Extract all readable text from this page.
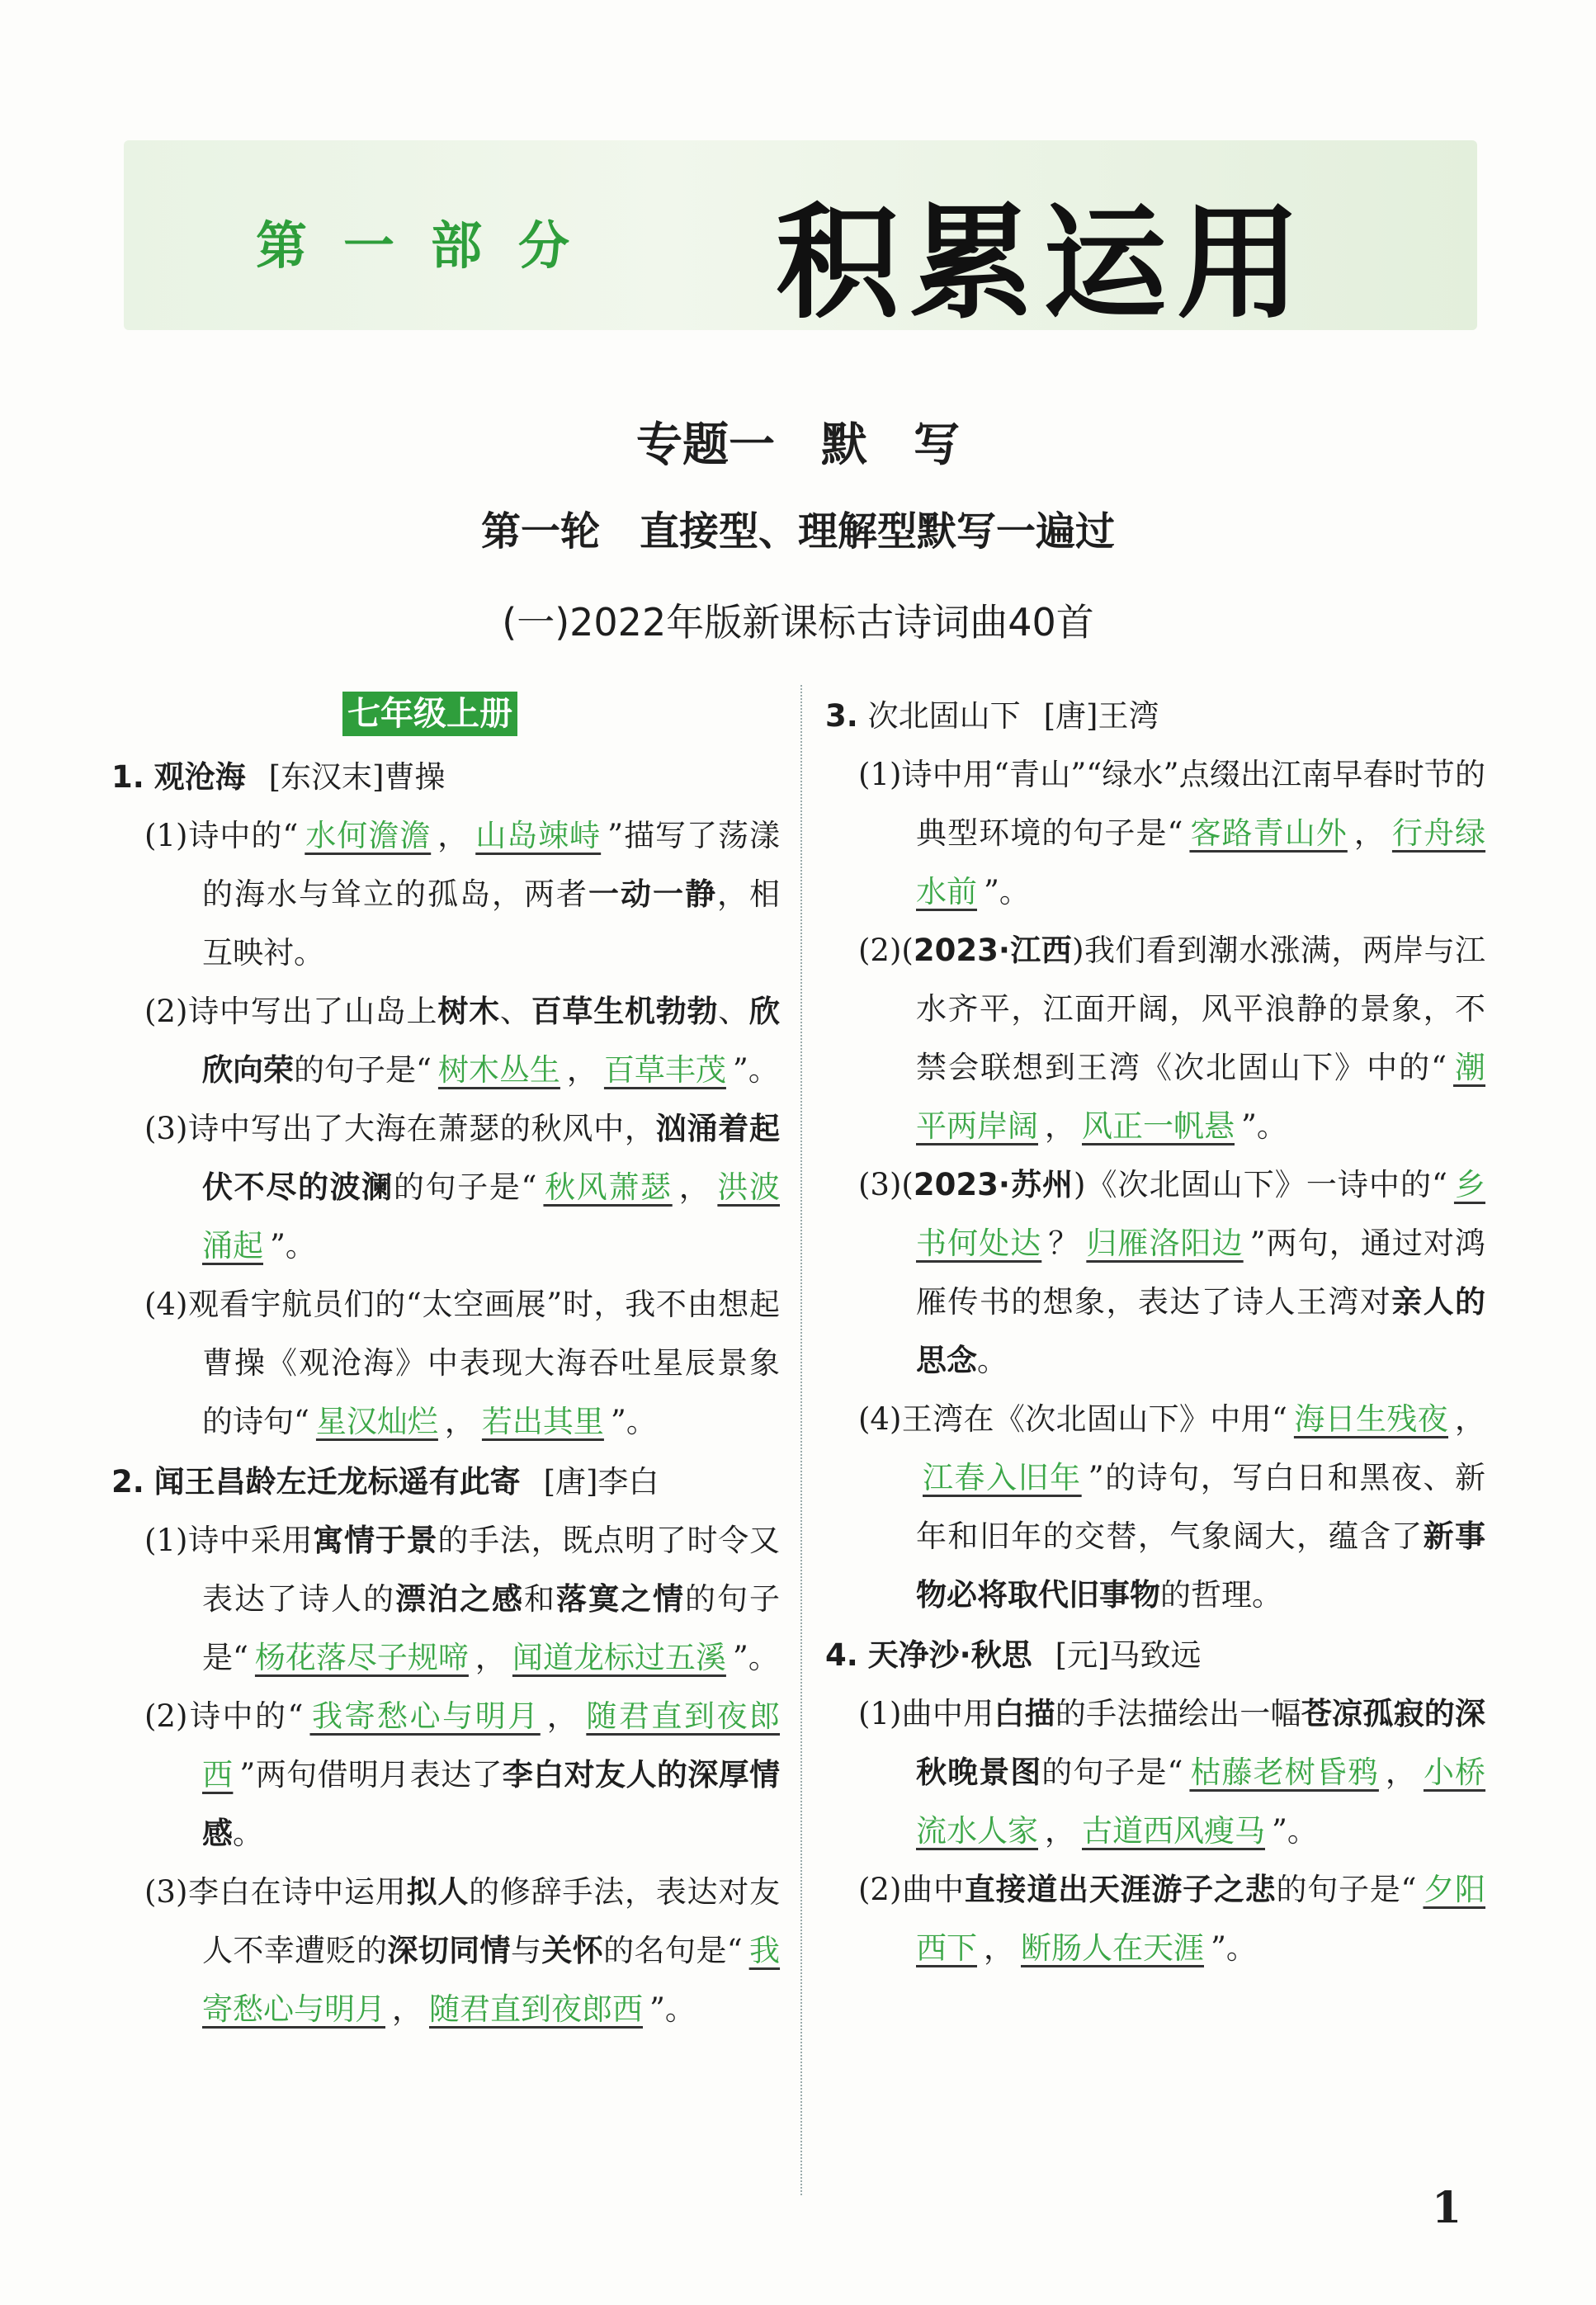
第一部分 积累运用
专题一　默　写
第一轮　直接型、理解型默写一遍过
(一)2022年版新课标古诗词曲40首
七年级上册
1. 观沧海 [东汉末]曹操
(1)诗中的“ 水何澹澹 ， 山岛竦峙 ”描写了荡漾的海水与耸立的孤岛，两者一动一静，相互映衬。
(2)诗中写出了山岛上树木、百草生机勃勃、欣欣向荣的句子是“ 树木丛生 ， 百草丰茂 ”。
(3)诗中写出了大海在萧瑟的秋风中，汹涌着起伏不尽的波澜的句子是“ 秋风萧瑟 ， 洪波涌起 ”。
(4)观看宇航员们的“太空画展”时，我不由想起曹操《观沧海》中表现大海吞吐星辰景象的诗句“ 星汉灿烂 ， 若出其里 ”。
2. 闻王昌龄左迁龙标遥有此寄 [唐]李白
(1)诗中采用寓情于景的手法，既点明了时令又表达了诗人的漂泊之感和落寞之情的句子是“ 杨花落尽子规啼 ， 闻道龙标过五溪 ”。
(2)诗中的“ 我寄愁心与明月 ， 随君直到夜郎西 ”两句借明月表达了李白对友人的深厚情感。
(3)李白在诗中运用拟人的修辞手法，表达对友人不幸遭贬的深切同情与关怀的名句是“ 我寄愁心与明月 ， 随君直到夜郎西 ”。
3. 次北固山下 [唐]王湾
(1)诗中用“青山”“绿水”点缀出江南早春时节的典型环境的句子是“ 客路青山外 ， 行舟绿水前 ”。
(2)(2023·江西)我们看到潮水涨满，两岸与江水齐平，江面开阔，风平浪静的景象，不禁会联想到王湾《次北固山下》中的“ 潮平两岸阔 ， 风正一帆悬 ”。
(3)(2023·苏州)《次北固山下》一诗中的“ 乡书何处达 ？ 归雁洛阳边 ”两句，通过对鸿雁传书的想象，表达了诗人王湾对亲人的思念。
(4)王湾在《次北固山下》中用“ 海日生残夜 ，江春入旧年 ”的诗句，写白日和黑夜、新年和旧年的交替，气象阔大，蕴含了新事物必将取代旧事物的哲理。
4. 天净沙·秋思 [元]马致远
(1)曲中用白描的手法描绘出一幅苍凉孤寂的深秋晚景图的句子是“ 枯藤老树昏鸦 ， 小桥流水人家 ， 古道西风瘦马 ”。
(2)曲中直接道出天涯游子之悲的句子是“ 夕阳西下 ， 断肠人在天涯 ”。
1
